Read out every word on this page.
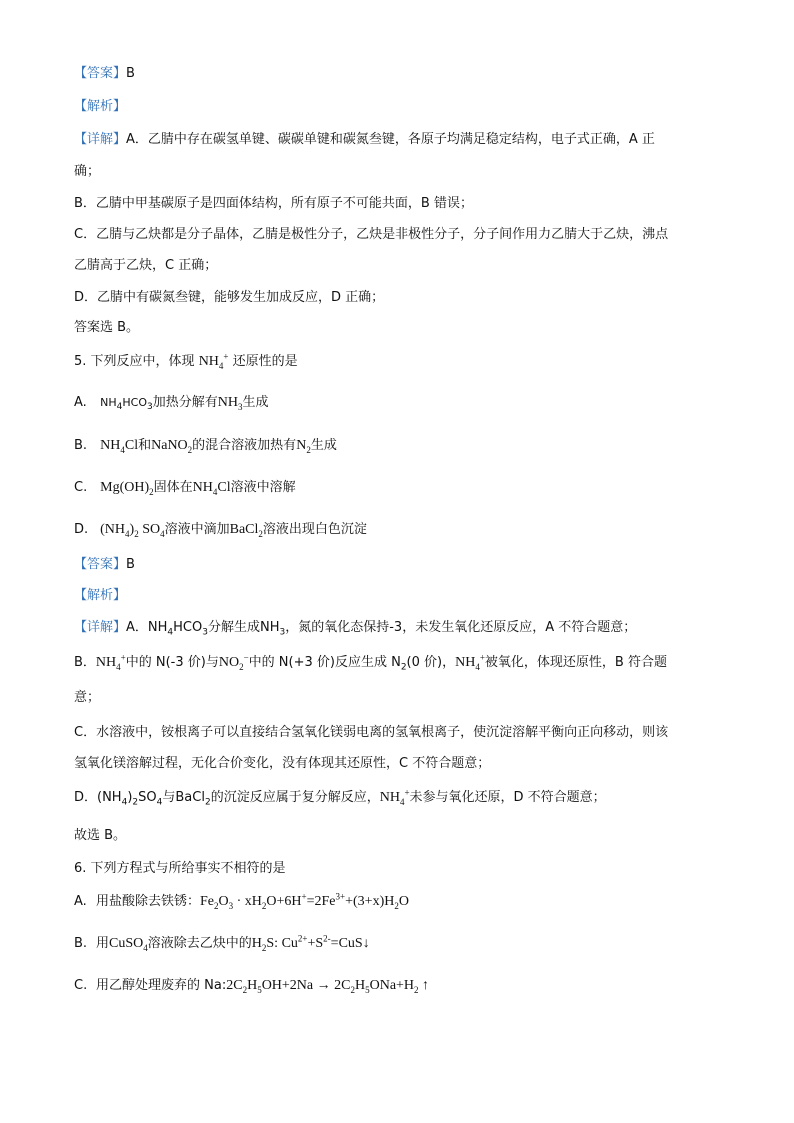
【答案】B
【解析】
【详解】A．乙腈中存在碳氢单键、碳碳单键和碳氮叁键，各原子均满足稳定结构，电子式正确，A 正
确；
B．乙腈中甲基碳原子是四面体结构，所有原子不可能共面，B 错误；
C．乙腈与乙炔都是分子晶体，乙腈是极性分子，乙炔是非极性分子，分子间作用力乙腈大于乙炔，沸点
乙腈高于乙炔，C 正确；
D．乙腈中有碳氮叁键，能够发生加成反应，D 正确；
答案选 B。
5. 下列反应中，体现 $NH_4^+$ 还原性的是
A. $NH_4HCO_3$加热分解有$NH_3$生成
B. $NH_4Cl$和NaNO$_2$的混合溶液加热有$N_2$生成
C. $Mg(OH)_2$固体在$NH_4Cl$溶液中溶解
D. $(NH_4)_2$ $SO_4$溶液中滴加BaCl$_2$溶液出现白色沉淀
【答案】B
【解析】
【详解】A．$NH_4HCO_3$分解生成$NH_3$，氮的氧化态保持-3，未发生氧化还原反应，A 不符合题意；
B．$NH_4^+$中的 N(-3 价)与$NO_2^-$中的 N(+3 价)反应生成 $N_2(0$ 价)，$NH_4^+$被氧化，体现还原性，B 符合题
意；
C．水溶液中，铵根离子可以直接结合氢氧化镁弱电离的氢氧根离子，使沉淀溶解平衡向正向移动，则该
氢氧化镁溶解过程，无化合价变化，没有体现其还原性，C 不符合题意；
D．$(NH_4)_2SO_4$与BaCl$_2$的沉淀反应属于复分解反应，$NH_4^+$未参与氧化还原，D 不符合题意；
故选 B。
6. 下列方程式与所给事实不相符的是
A. 用盐酸除去铁锈：$Fe_2O_3 \cdot xH_2O+6H^+=2Fe^{3+}+(3+x)H_2O$
B. 用CuSO$_4$溶液除去乙炔中的$H_2S$: $Cu^{2+}+S^{2-}=CuS↓$
C. 用乙醇处理废弃的 $Na:2C_2H_5OH+2Na \to 2C_2H_5ONa+H_2$ ↑
